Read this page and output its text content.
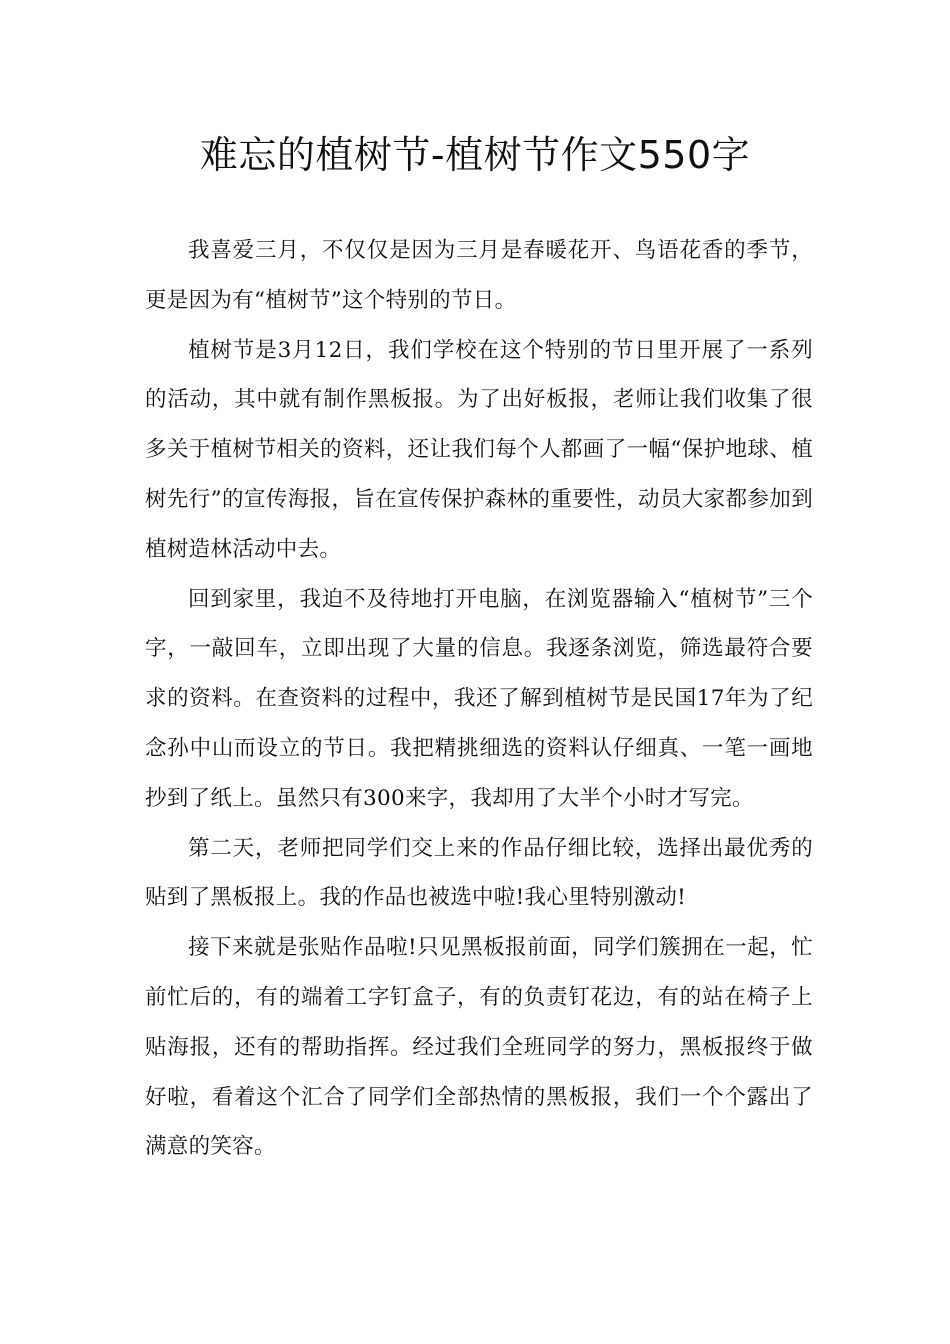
难忘的植树节-植树节作文550字

我喜爱三月，不仅仅是因为三月是春暖花开、鸟语花香的季节，更是因为有“植树节”这个特别的节日。

植树节是3月12日，我们学校在这个特别的节日里开展了一系列的活动，其中就有制作黑板报。为了出好板报，老师让我们收集了很多关于植树节相关的资料，还让我们每个人都画了一幅“保护地球、植树先行”的宣传海报，旨在宣传保护森林的重要性，动员大家都参加到植树造林活动中去。

回到家里，我迫不及待地打开电脑，在浏览器输入“植树节”三个字，一敲回车，立即出现了大量的信息。我逐条浏览，筛选最符合要求的资料。在查资料的过程中，我还了解到植树节是民国17年为了纪念孙中山而设立的节日。我把精挑细选的资料认仔细真、一笔一画地抄到了纸上。虽然只有300来字，我却用了大半个小时才写完。

第二天，老师把同学们交上来的作品仔细比较，选择出最优秀的贴到了黑板报上。我的作品也被选中啦!我心里特别激动!

接下来就是张贴作品啦!只见黑板报前面，同学们簇拥在一起，忙前忙后的，有的端着工字钉盒子，有的负责钉花边，有的站在椅子上贴海报，还有的帮助指挥。经过我们全班同学的努力，黑板报终于做好啦，看着这个汇合了同学们全部热情的黑板报，我们一个个露出了满意的笑容。
